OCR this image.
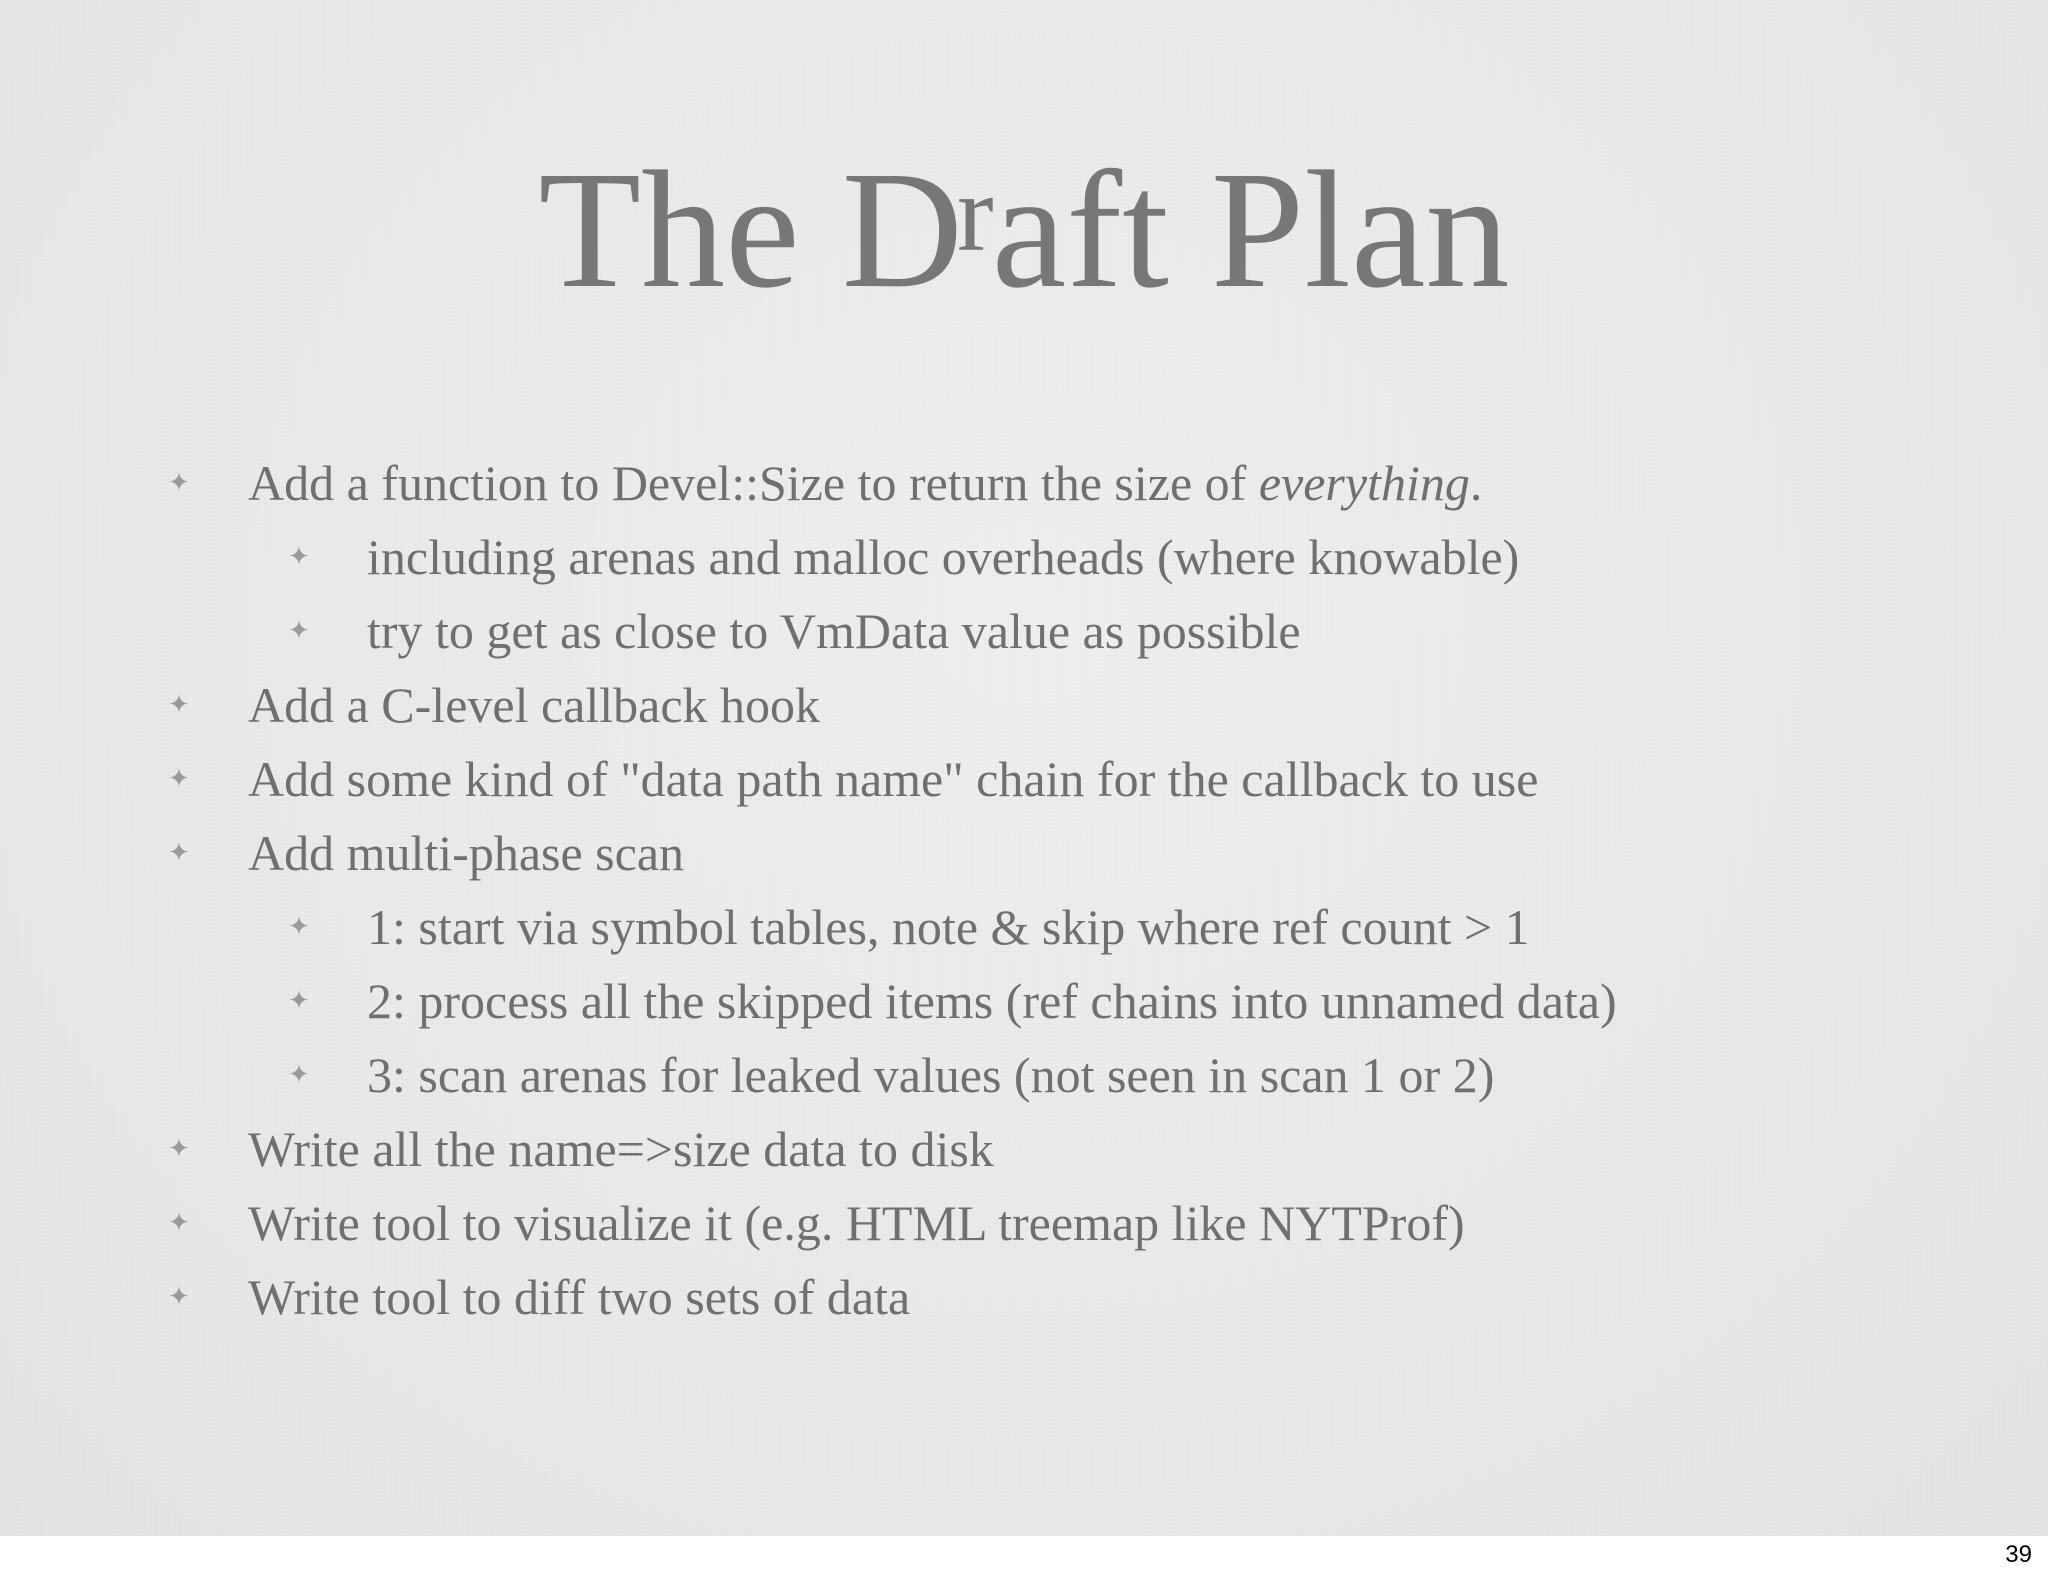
The $D^raft$ Plan
✦ Add a function to Devel::Size to return the size of everything.
✦ including arenas and malloc overheads (where knowable)
✦ try to get as close to VmData value as possible
✦ Add a C-level callback hook
✦ Add some kind of "data path name" chain for the callback to use
✦ Add multi-phase scan
✦ 1: start via symbol tables, note & skip where ref count > 1
✦ 2: process all the skipped items (ref chains into unnamed data)
✦ 3: scan arenas for leaked values (not seen in scan 1 or 2)
✦ Write all the name=>size data to disk
✦ Write tool to visualize it (e.g. HTML treemap like NYTProf)
✦ Write tool to diff two sets of data
39
